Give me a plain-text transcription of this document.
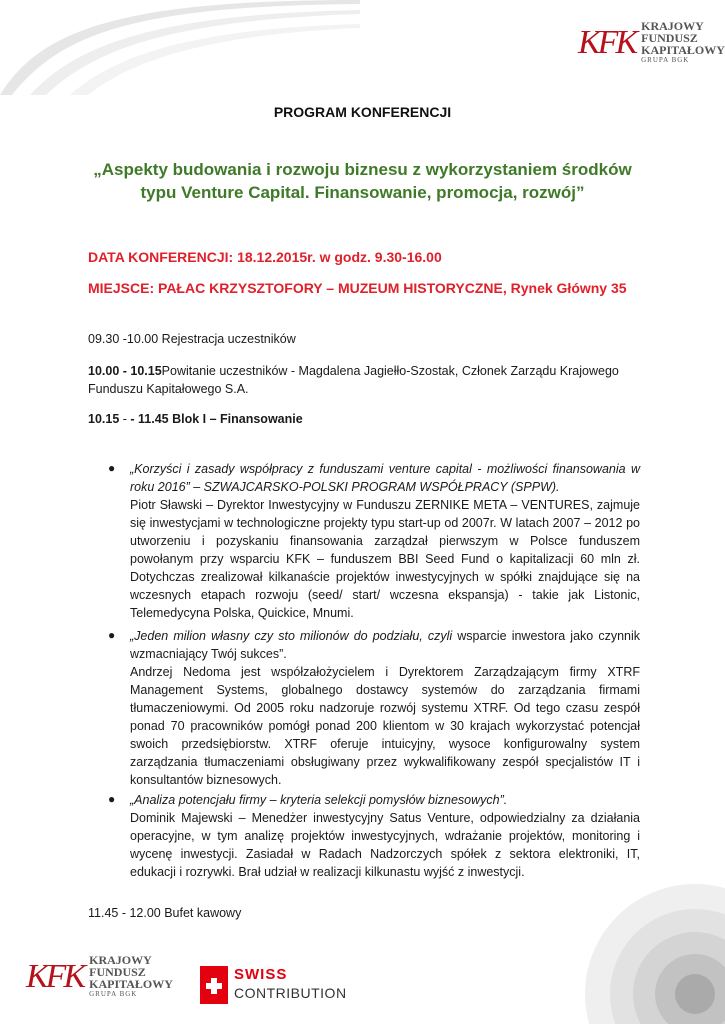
KFK KRAJOWY
FUNDUSZ
KAPITAŁOWY
GRUPA BGK
PROGRAM KONFERENCJI
„Aspekty budowania i rozwoju biznesu z wykorzystaniem środków
typu Venture Capital. Finansowanie, promocja, rozwój”
DATA KONFERENCJI: 18.12.2015r. w godz. 9.30-16.00
MIEJSCE: PAŁAC KRZYSZTOFORY – MUZEUM HISTORYCZNE, Rynek Główny 35
09.30 -10.00 Rejestracja uczestników
10.00 - 10.15Powitanie uczestników - Magdalena Jagiełło-Szostak, Członek Zarządu Krajowego Funduszu Kapitałowego S.A.
10.15 - - 11.45 Blok I – Finansowanie
● „Korzyści i zasady współpracy z funduszami venture capital - możliwości finansowania w roku 2016” – SZWAJCARSKO-POLSKI PROGRAM WSPÓŁPRACY (SPPW).
Piotr Sławski – Dyrektor Inwestycyjny w Funduszu ZERNIKE META – VENTURES, zajmuje się inwestycjami w technologiczne projekty typu start-up od 2007r. W latach 2007 – 2012 po utworzeniu i pozyskaniu finansowania zarządzał pierwszym w Polsce funduszem powołanym przy wsparciu KFK – funduszem BBI Seed Fund o kapitalizacji 60 mln zł. Dotychczas zrealizował kilkanaście projektów inwestycyjnych w spółki znajdujące się na wczesnych etapach rozwoju (seed/ start/ wczesna ekspansja) - takie jak Listonic, Telemedycyna Polska, Quickice, Mnumi.
● „Jeden milion własny czy sto milionów do podziału, czyli wsparcie inwestora jako czynnik wzmacniający Twój sukces”.
Andrzej Nedoma jest współzałożycielem i Dyrektorem Zarządzającym firmy XTRF Management Systems, globalnego dostawcy systemów do zarządzania firmami tłumaczeniowymi. Od 2005 roku nadzoruje rozwój systemu XTRF. Od tego czasu zespół ponad 70 pracowników pomógł ponad 200 klientom w 30 krajach wykorzystać potencjał swoich przedsiębiorstw. XTRF oferuje intuicyjny, wysoce konfigurowalny system zarządzania tłumaczeniami obsługiwany przez wykwalifikowany zespół specjalistów IT i konsultantów biznesowych.
● „Analiza potencjału firmy – kryteria selekcji pomysłów biznesowych”.
Dominik Majewski – Menedżer inwestycyjny Satus Venture, odpowiedzialny za działania operacyjne, w tym analizę projektów inwestycyjnych, wdrażanie projektów, monitoring i wycenę inwestycji. Zasiadał w Radach Nadzorczych spółek z sektora elektroniki, IT, edukacji i rozrywki. Brał udział w realizacji kilkunastu wyjść z inwestycji.
11.45 - 12.00 Bufet kawowy
KFK KRAJOWY
FUNDUSZ
KAPITAŁOWY
GRUPA BGK
SWISS
CONTRIBUTION
